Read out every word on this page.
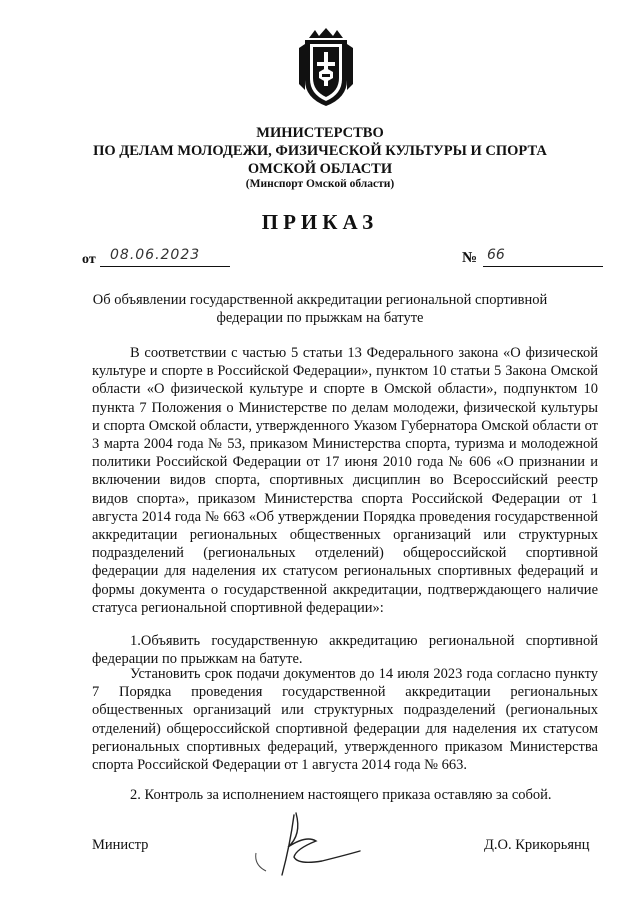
МИНИСТЕРСТВО
ПО ДЕЛАМ МОЛОДЕЖИ, ФИЗИЧЕСКОЙ КУЛЬТУРЫ И СПОРТА
ОМСКОЙ ОБЛАСТИ
(Минспорт Омской области)
ПРИКАЗ
от 08.06.2023	№ 66
Об объявлении государственной аккредитации региональной спортивной федерации по прыжкам на батуте
В соответствии с частью 5 статьи 13 Федерального закона «О физической культуре и спорте в Российской Федерации», пунктом 10 статьи 5 Закона Омской области «О физической культуре и спорте в Омской области», подпунктом 10 пункта 7 Положения о Министерстве по делам молодежи, физической культуры и спорта Омской области, утвержденного Указом Губернатора Омской области от 3 марта 2004 года № 53, приказом Министерства спорта, туризма и молодежной политики Российской Федерации от 17 июня 2010 года № 606 «О признании и включении видов спорта, спортивных дисциплин во Всероссийский реестр видов спорта», приказом Министерства спорта Российской Федерации от 1 августа 2014 года № 663 «Об утверждении Порядка проведения государственной аккредитации региональных общественных организаций или структурных подразделений (региональных отделений) общероссийской спортивной федерации для наделения их статусом региональных спортивных федераций и формы документа о государственной аккредитации, подтверждающего наличие статуса региональной спортивной федерации»:
1.Объявить государственную аккредитацию региональной спортивной федерации по прыжкам на батуте.
Установить срок подачи документов до 14 июля 2023 года согласно пункту 7 Порядка проведения государственной аккредитации региональных общественных организаций или структурных подразделений (региональных отделений) общероссийской спортивной федерации для наделения их статусом региональных спортивных федераций, утвержденного приказом Министерства спорта Российской Федерации от 1 августа 2014 года № 663.
2. Контроль за исполнением настоящего приказа оставляю за собой.
Министр	Д.О. Крикорьянц
